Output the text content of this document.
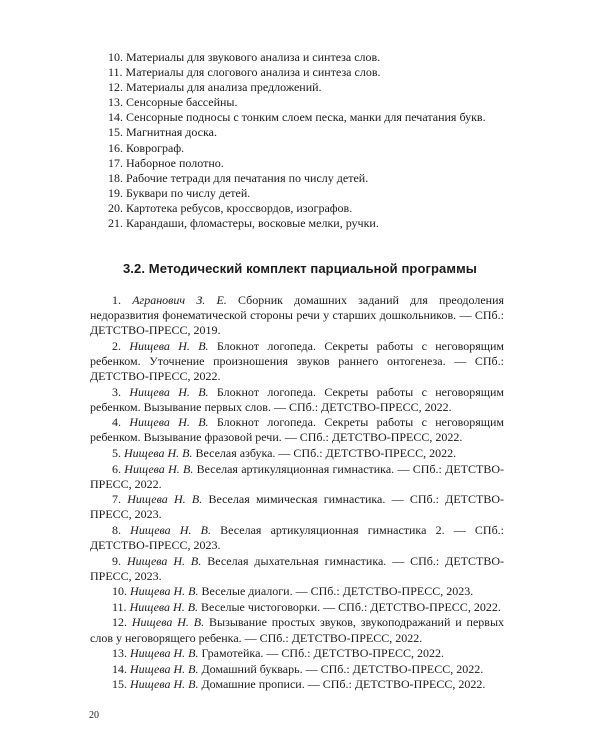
10. Материалы для звукового анализа и синтеза слов.
11. Материалы для слогового анализа и синтеза слов.
12. Материалы для анализа предложений.
13. Сенсорные бассейны.
14. Сенсорные подносы с тонким слоем песка, манки для печатания букв.
15. Магнитная доска.
16. Коврограф.
17. Наборное полотно.
18. Рабочие тетради для печатания по числу детей.
19. Буквари по числу детей.
20. Картотека ребусов, кроссвордов, изографов.
21. Карандаши, фломастеры, восковые мелки, ручки.
3.2. Методический комплект парциальной программы

1. Агранович З. Е. Сборник домашних заданий для преодоления недоразвития фонематической стороны речи у старших дошкольников. — СПб.: ДЕТСТВО-ПРЕСС, 2019.

2. Нищева Н. В. Блокнот логопеда. Секреты работы с неговорящим ребенком. Уточнение произношения звуков раннего онтогенеза. — СПб.: ДЕТСТВО-ПРЕСС, 2022.

3. Нищева Н. В. Блокнот логопеда. Секреты работы с неговорящим ребенком. Вызывание первых слов. — СПб.: ДЕТСТВО-ПРЕСС, 2022.

4. Нищева Н. В. Блокнот логопеда. Секреты работы с неговорящим ребенком. Вызывание фразовой речи. — СПб.: ДЕТСТВО-ПРЕСС, 2022.

5. Нищева Н. В. Веселая азбука. — СПб.: ДЕТСТВО-ПРЕСС, 2022.

6. Нищева Н. В. Веселая артикуляционная гимнастика. — СПб.: ДЕТСТВО-ПРЕСС, 2022.

7. Нищева Н. В. Веселая мимическая гимнастика. — СПб.: ДЕТСТВО-ПРЕСС, 2023.

8. Нищева Н. В. Веселая артикуляционная гимнастика 2. — СПб.: ДЕТСТВО-ПРЕСС, 2023.

9. Нищева Н. В. Веселая дыхательная гимнастика. — СПб.: ДЕТСТВО-ПРЕСС, 2023.

10. Нищева Н. В. Веселые диалоги. — СПб.: ДЕТСТВО-ПРЕСС, 2023.

11. Нищева Н. В. Веселые чистоговорки. — СПб.: ДЕТСТВО-ПРЕСС, 2022.

12. Нищева Н. В. Вызывание простых звуков, звукоподражаний и первых слов у неговорящего ребенка. — СПб.: ДЕТСТВО-ПРЕСС, 2022.

13. Нищева Н. В. Грамотейка. — СПб.: ДЕТСТВО-ПРЕСС, 2022.

14. Нищева Н. В. Домашний букварь. — СПб.: ДЕТСТВО-ПРЕСС, 2022.

15. Нищева Н. В. Домашние прописи. — СПб.: ДЕТСТВО-ПРЕСС, 2022.

20
